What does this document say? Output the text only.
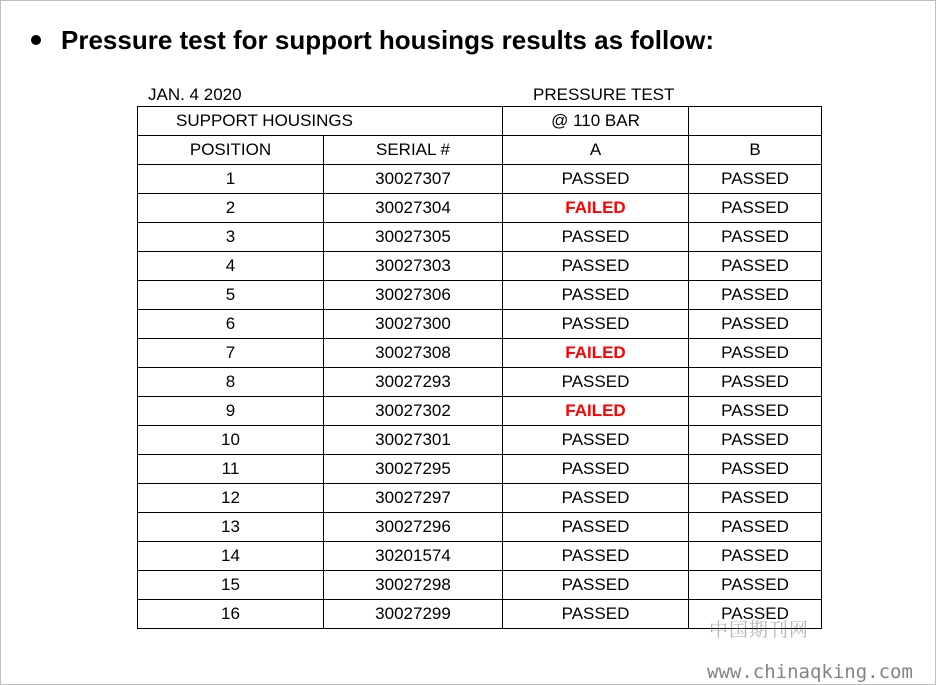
Pressure test for support housings results as follow:
JAN. 4 2020	PRESSURE TEST
SUPPORT HOUSINGS		@ 110 BAR	
POSITION	SERIAL #	A	B
1	30027307	PASSED	PASSED
2	30027304	FAILED	PASSED
3	30027305	PASSED	PASSED
4	30027303	PASSED	PASSED
5	30027306	PASSED	PASSED
6	30027300	PASSED	PASSED
7	30027308	FAILED	PASSED
8	30027293	PASSED	PASSED
9	30027302	FAILED	PASSED
10	30027301	PASSED	PASSED
11	30027295	PASSED	PASSED
12	30027297	PASSED	PASSED
13	30027296	PASSED	PASSED
14	30201574	PASSED	PASSED
15	30027298	PASSED	PASSED
16	30027299	PASSED	PASSED
中国期刊网
www.chinaqking.com
